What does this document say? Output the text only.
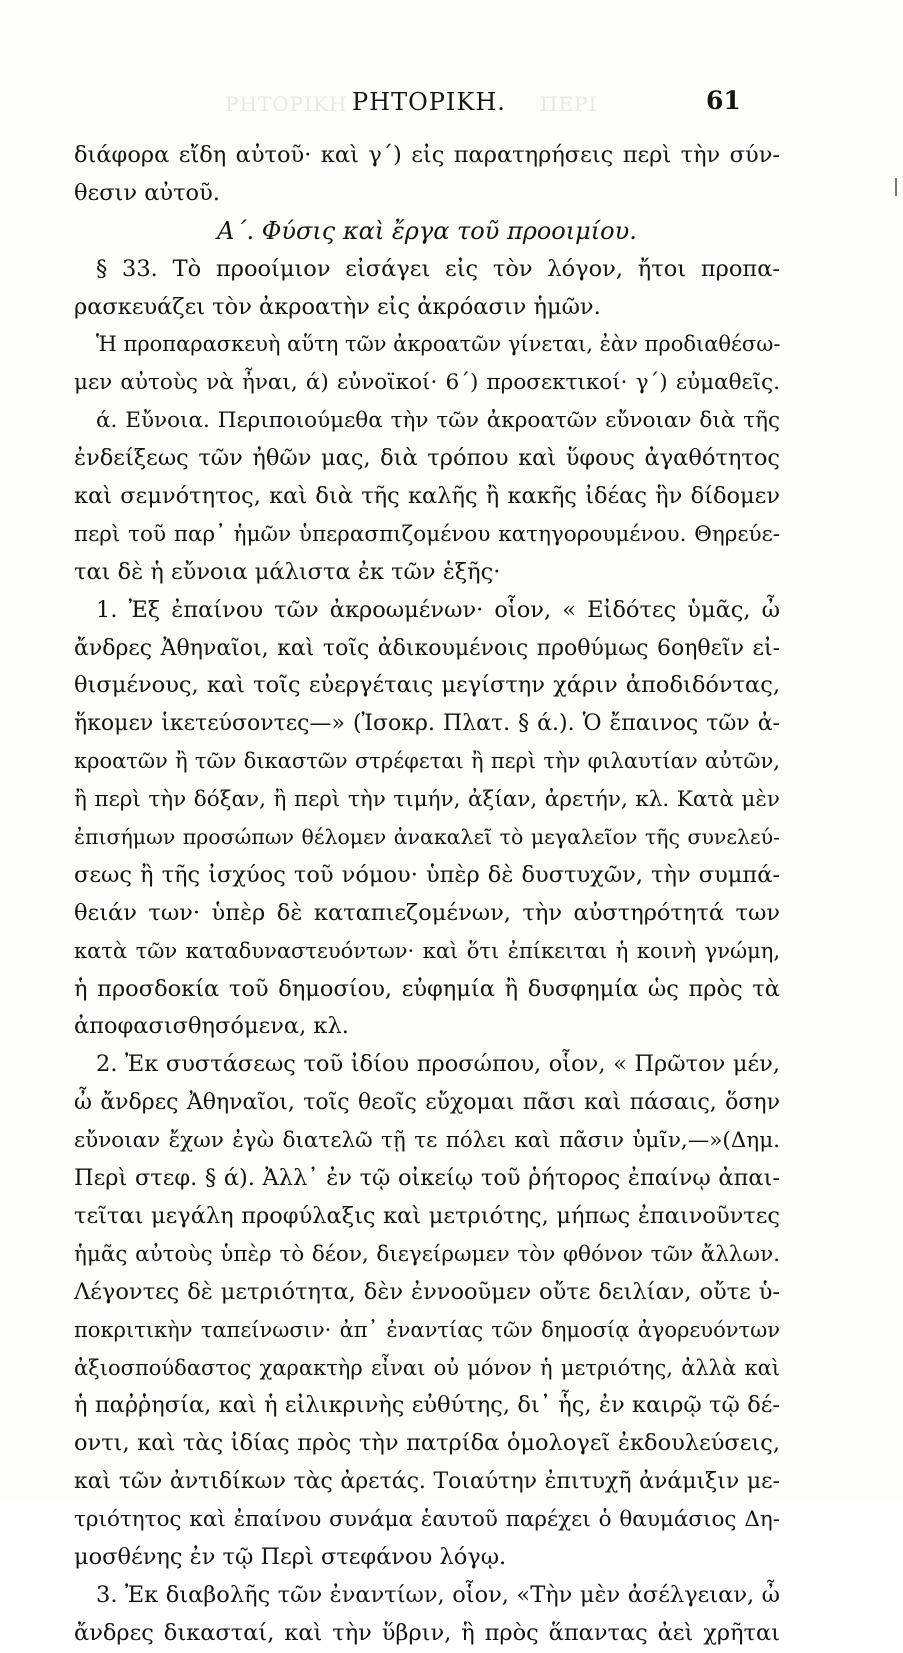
ΡΗΤΟΡΙΚΗ	ΠΕΡΙ
ΡΗΤΟΡΙΚΗ.	61
διάφορα εἴδη αὐτοῦ· καὶ γ΄) εἰς παρατηρήσεις περὶ τὴν σύν-
θεσιν αὐτοῦ.
Α΄. Φύσις καὶ ἔργα τοῦ προοιμίου.
§ 33. Τὸ προοίμιον εἰσάγει εἰς τὸν λόγον, ἤτοι προπα-
ρασκευάζει τὸν ἀκροατὴν εἰς ἀκρόασιν ἡμῶν.
Ἡ προπαρασκευὴ αὕτη τῶν ἀκροατῶν γίνεται, ἐὰν προδιαθέσω-
μεν αὐτοὺς νὰ ἦναι, ά) εὐνοϊκοί· 6΄) προσεκτικοί· γ΄) εὐμαθεῖς.
ά. Εὔνοια. Περιποιούμεθα τὴν τῶν ἀκροατῶν εὔνοιαν διὰ τῆς
ἐνδείξεως τῶν ἠθῶν μας, διὰ τρόπου καὶ ὕφους ἀγαθότητος
καὶ σεμνότητος, καὶ διὰ τῆς καλῆς ἢ κακῆς ἰδέας ἣν δίδομεν
περὶ τοῦ παρ᾽ ἡμῶν ὑπερασπιζομένου κατηγορουμένου. Θηρεύε-
ται δὲ ἡ εὔνοια μάλιστα ἐκ τῶν ἑξῆς·
1. Ἐξ ἐπαίνου τῶν ἀκροωμένων· οἷον, « Εἰδότες ὑμᾶς, ὦ
ἄνδρες Ἀθηναῖοι, καὶ τοῖς ἀδικουμένοις προθύμως 6οηθεῖν εἰ-
θισμένους, καὶ τοῖς εὐεργέταις μεγίστην χάριν ἀποδιδόντας,
ἥκομεν ἱκετεύσοντες—» (Ἰσοκρ. Πλατ. § ά.). Ὁ ἔπαινος τῶν ἀ-
κροατῶν ἢ τῶν δικαστῶν στρέφεται ἢ περὶ τὴν φιλαυτίαν αὐτῶν,
ἢ περὶ τὴν δόξαν, ἢ περὶ τὴν τιμήν, ἀξίαν, ἀρετήν, κλ. Κατὰ μὲν
ἐπισήμων προσώπων θέλομεν ἀνακαλεῖ τὸ μεγαλεῖον τῆς συνελεύ-
σεως ἢ τῆς ἰσχύος τοῦ νόμου· ὑπὲρ δὲ δυστυχῶν, τὴν συμπά-
θειάν των· ὑπὲρ δὲ καταπιεζομένων, τὴν αὐστηρότητά των
κατὰ τῶν καταδυναστευόντων· καὶ ὅτι ἐπίκειται ἡ κοινὴ γνώμη,
ἡ προσδοκία τοῦ δημοσίου, εὐφημία ἢ δυσφημία ὡς πρὸς τὰ
ἀποφασισθησόμενα, κλ.
2. Ἐκ συστάσεως τοῦ ἰδίου προσώπου, οἷον, « Πρῶτον μέν,
ὦ ἄνδρες Ἀθηναῖοι, τοῖς θεοῖς εὔχομαι πᾶσι καὶ πάσαις, ὅσην
εὔνοιαν ἔχων ἐγὼ διατελῶ τῇ τε πόλει καὶ πᾶσιν ὑμῖν,—»(Δημ.
Περὶ στεφ. § ά). Ἀλλ᾽ ἐν τῷ οἰκείῳ τοῦ ῥήτορος ἐπαίνῳ ἀπαι-
τεῖται μεγάλη προφύλαξις καὶ μετριότης, μήπως ἐπαινοῦντες
ἡμᾶς αὐτοὺς ὑπὲρ τὸ δέον, διεγείρωμεν τὸν φθόνον τῶν ἄλλων.
Λέγοντες δὲ μετριότητα, δὲν ἐννοοῦμεν οὔτε δειλίαν, οὔτε ὑ-
ποκριτικὴν ταπείνωσιν· ἀπ᾽ ἐναντίας τῶν δημοσίᾳ ἀγορευόντων
ἀξιοσπούδαστος χαρακτὴρ εἶναι οὐ μόνον ἡ μετριότης, ἀλλὰ καὶ
ἡ παῤῥησία, καὶ ἡ εἰλικρινὴς εὐθύτης, δι᾽ ἧς, ἐν καιρῷ τῷ δέ-
οντι, καὶ τὰς ἰδίας πρὸς τὴν πατρίδα ὁμολογεῖ ἐκδουλεύσεις,
καὶ τῶν ἀντιδίκων τὰς ἀρετάς. Τοιαύτην ἐπιτυχῆ ἀνάμιξιν με-
τριότητος καὶ ἐπαίνου συνάμα ἑαυτοῦ παρέχει ὁ θαυμάσιος Δη-
μοσθένης ἐν τῷ Περὶ στεφάνου λόγῳ.
3. Ἐκ διαβολῆς τῶν ἐναντίων, οἷον, «Τὴν μὲν ἀσέλγειαν, ὦ
ἄνδρες δικασταί, καὶ τὴν ὕβριν, ἣ πρὸς ἅπαντας ἀεὶ χρῆται
